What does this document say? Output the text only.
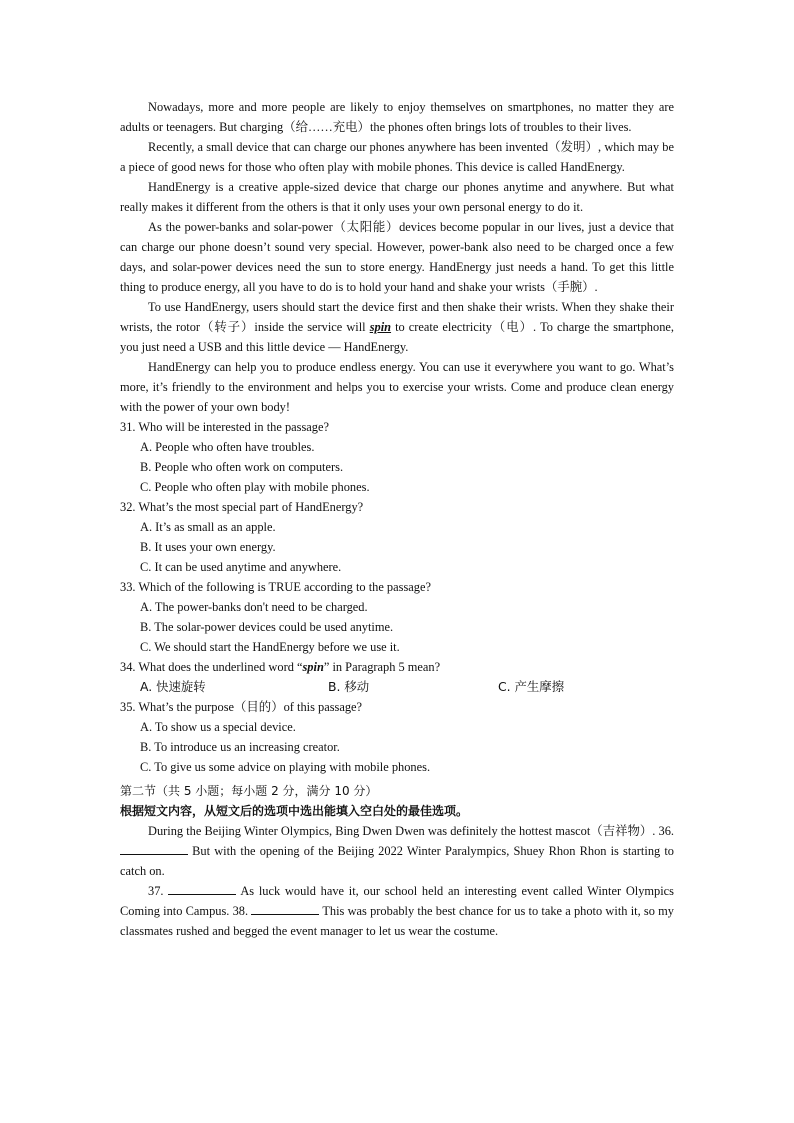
Nowadays, more and more people are likely to enjoy themselves on smartphones, no matter they are adults or teenagers. But charging（给……充电）the phones often brings lots of troubles to their lives.

Recently, a small device that can charge our phones anywhere has been invented（发明）, which may be a piece of good news for those who often play with mobile phones. This device is called HandEnergy.

HandEnergy is a creative apple-sized device that charge our phones anytime and anywhere. But what really makes it different from the others is that it only uses your own personal energy to do it.

As the power-banks and solar-power（太阳能）devices become popular in our lives, just a device that can charge our phone doesn’t sound very special. However, power-bank also need to be charged once a few days, and solar-power devices need the sun to store energy. HandEnergy just needs a hand. To get this little thing to produce energy, all you have to do is to hold your hand and shake your wrists（手腕）.

To use HandEnergy, users should start the device first and then shake their wrists. When they shake their wrists, the rotor（转子）inside the service will spin to create electricity（电）. To charge the smartphone, you just need a USB and this little device — HandEnergy.

HandEnergy can help you to produce endless energy. You can use it everywhere you want to go. What’s more, it’s friendly to the environment and helps you to exercise your wrists. Come and produce clean energy with the power of your own body!

31. Who will be interested in the passage?

A. People who often have troubles.

B. People who often work on computers.

C. People who often play with mobile phones.

32. What’s the most special part of HandEnergy?

A. It’s as small as an apple.

B. It uses your own energy.

C. It can be used anytime and anywhere.

33. Which of the following is TRUE according to the passage?

A. The power-banks don't need to be charged.

B. The solar-power devices could be used anytime.

C. We should start the HandEnergy before we use it.

34. What does the underlined word “spin” in Paragraph 5 mean?

A. 快速旋转	B. 移动	C. 产生摩擦

35. What’s the purpose（目的）of this passage?

A. To show us a special device.

B. To introduce us an increasing creator.

C. To give us some advice on playing with mobile phones.

第二节（共 5 小题；每小题 2 分，满分 10 分）

根据短文内容，从短文后的选项中选出能填入空白处的最佳选项。

During the Beijing Winter Olympics, Bing Dwen Dwen was definitely the hottest mascot（吉祥物）. 36.  But with the opening of the Beijing 2022 Winter Paralympics, Shuey Rhon Rhon is starting to catch on.

37.	As luck would have it, our school held an interesting event called Winter Olympics Coming into Campus. 38.	This was probably the best chance for us to take a photo with it, so my classmates rushed and begged the event manager to let us wear the costume.
